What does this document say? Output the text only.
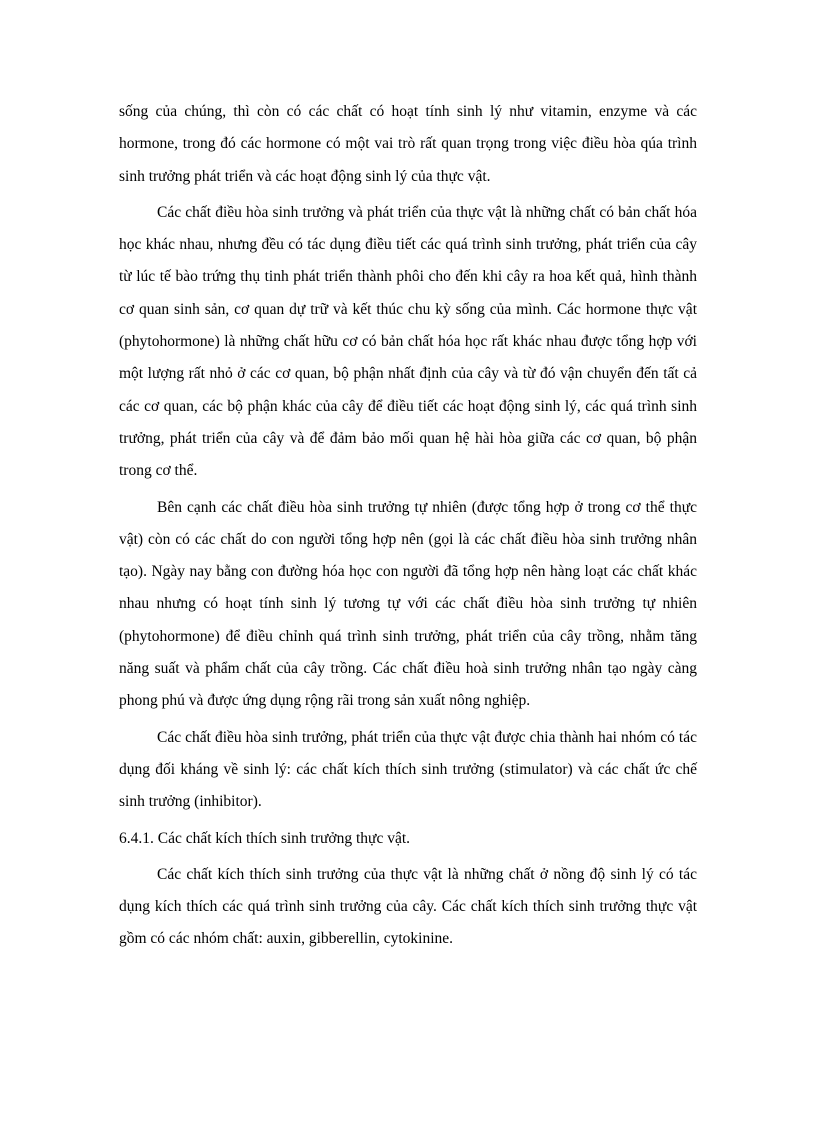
sống của chúng, thì còn có các chất có hoạt tính sinh lý như vitamin, enzyme và các hormone, trong đó các hormone có một vai trò rất quan trọng trong việc điều hòa qúa trình sinh trưởng phát triển và các hoạt động sinh lý của thực vật.

Các chất điều hòa sinh trưởng và phát triển của thực vật là những chất có bản chất hóa học khác nhau, nhưng đều có tác dụng điều tiết các quá trình sinh trưởng, phát triển của cây từ lúc tế bào trứng thụ tinh phát triển thành phôi cho đến khi cây ra hoa kết quả, hình thành cơ quan sinh sản, cơ quan dự trữ và kết thúc chu kỳ sống của mình. Các hormone thực vật (phytohormone) là những chất hữu cơ có bản chất hóa học rất khác nhau được tổng hợp với một lượng rất nhỏ ở các cơ quan, bộ phận nhất định của cây và từ đó vận chuyển đến tất cả các cơ quan, các bộ phận khác của cây để điều tiết các hoạt động sinh lý, các quá trình sinh trưởng, phát triển của cây và để đảm bảo mối quan hệ hài hòa giữa các cơ quan, bộ phận trong cơ thể.

Bên cạnh các chất điều hòa sinh trưởng tự nhiên (được tổng hợp ở trong cơ thể thực vật) còn có các chất do con người tổng hợp nên (gọi là các chất điều hòa sinh trưởng nhân tạo). Ngày nay bằng con đường hóa học con người đã tổng hợp nên hàng loạt các chất khác nhau nhưng có hoạt tính sinh lý tương tự với các chất điều hòa sinh trưởng tự nhiên (phytohormone) để điều chỉnh quá trình sinh trưởng, phát triển của cây trồng, nhằm tăng năng suất và phẩm chất của cây trồng. Các chất điều hoà sinh trưởng nhân tạo ngày càng phong phú và được ứng dụng rộng rãi trong sản xuất nông nghiệp.

Các chất điều hòa sinh trưởng, phát triển của thực vật được chia thành hai nhóm có tác dụng đối kháng về sinh lý: các chất kích thích sinh trưởng (stimulator) và các chất ức chế sinh trưởng (inhibitor).

6.4.1. Các chất kích thích sinh trưởng thực vật.

Các chất kích thích sinh trưởng của thực vật là những chất ở nồng độ sinh lý có tác dụng kích thích các quá trình sinh trưởng của cây. Các chất kích thích sinh trưởng thực vật gồm có các nhóm chất: auxin, gibberellin, cytokinine.
